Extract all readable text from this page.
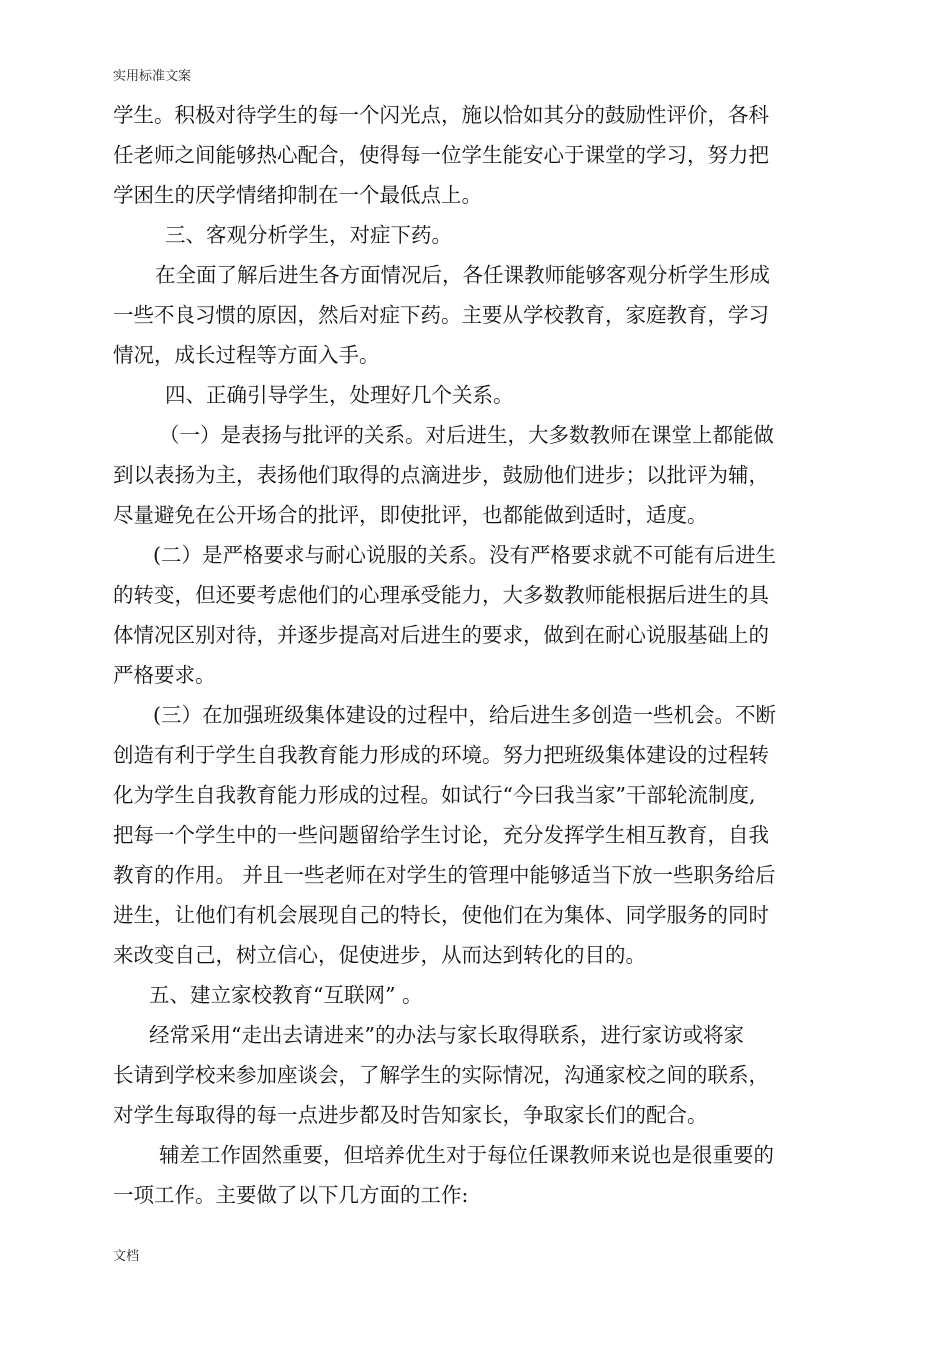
实用标准文案
学生。积极对待学生的每一个闪光点，施以恰如其分的鼓励性评价，各科
任老师之间能够热心配合，使得每一位学生能安心于课堂的学习，努力把
学困生的厌学情绪抑制在一个最低点上。
三、客观分析学生，对症下药。
在全面了解后进生各方面情况后，各任课教师能够客观分析学生形成
一些不良习惯的原因，然后对症下药。主要从学校教育，家庭教育，学习
情况，成长过程等方面入手。
四、正确引导学生，处理好几个关系。
（一）是表扬与批评的关系。对后进生，大多数教师在课堂上都能做
到以表扬为主，表扬他们取得的点滴进步，鼓励他们进步；以批评为辅，
尽量避免在公开场合的批评，即使批评，也都能做到适时，适度。
(二）是严格要求与耐心说服的关系。没有严格要求就不可能有后进生
的转变，但还要考虑他们的心理承受能力，大多数教师能根据后进生的具
体情况区别对待，并逐步提高对后进生的要求，做到在耐心说服基础上的
严格要求。
(三）在加强班级集体建设的过程中，给后进生多创造一些机会。不断
创造有利于学生自我教育能力形成的环境。努力把班级集体建设的过程转
化为学生自我教育能力形成的过程。如试行“今曰我当家”干部轮流制度,
把每一个学生中的一些问题留给学生讨论，充分发挥学生相互教育，自我
教育的作用。 并且一些老师在对学生的管理中能够适当下放一些职务给后
进生，让他们有机会展现自己的特长，使他们在为集体、同学服务的同时
来改变自己，树立信心，促使进步，从而达到转化的目的。
五、建立家校教育“互联网” 。
经常采用“走出去请进来”的办法与家长取得联系，进行家访或将家
长请到学校来参加座谈会，了解学生的实际情况，沟通家校之间的联系，
对学生每取得的每一点进步都及时告知家长，争取家长们的配合。
辅差工作固然重要，但培养优生对于每位任课教师来说也是很重要的
一项工作。主要做了以下几方面的工作:
文档
